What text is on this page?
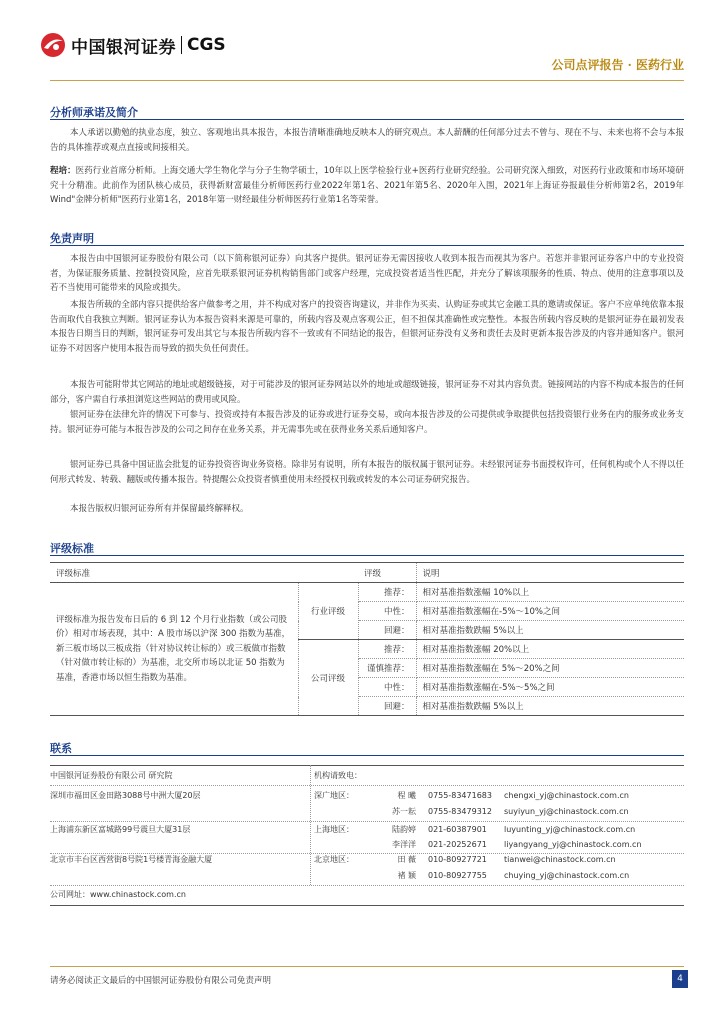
中国银河证券 CGS
公司点评报告 · 医药行业
分析师承诺及简介
本人承诺以勤勉的执业态度，独立、客观地出具本报告，本报告清晰准确地反映本人的研究观点。本人薪酬的任何部分过去不曾与、现在不与、未来也将不会与本报告的具体推荐或观点直接或间接相关。
程培：医药行业首席分析师。上海交通大学生物化学与分子生物学硕士，10年以上医学检验行业+医药行业研究经验。公司研究深入细致，对医药行业政策和市场环境研究十分精准。此前作为团队核心成员，获得新财富最佳分析师医药行业2022年第1名、2021年第5名、2020年入围，2021年上海证券报最佳分析师第2名，2019年Wind"金牌分析师"医药行业第1名，2018年第一财经最佳分析师医药行业第1名等荣誉。
免责声明
本报告由中国银河证券股份有限公司（以下简称银河证券）向其客户提供。银河证券无需因接收人收到本报告而视其为客户。若您并非银河证券客户中的专业投资者，为保证服务质量、控制投资风险，应首先联系银河证券机构销售部门或客户经理，完成投资者适当性匹配，并充分了解该项服务的性质、特点、使用的注意事项以及若不当使用可能带来的风险或损失。
本报告所载的全部内容只提供给客户做参考之用，并不构成对客户的投资咨询建议，并非作为买卖、认购证券或其它金融工具的邀请或保证。客户不应单纯依靠本报告而取代自我独立判断。银河证券认为本报告资料来源是可靠的，所载内容及观点客观公正，但不担保其准确性或完整性。本报告所载内容反映的是银河证券在最初发表本报告日期当日的判断，银河证券可发出其它与本报告所载内容不一致或有不同结论的报告，但银河证券没有义务和责任去及时更新本报告涉及的内容并通知客户。银河证券不对因客户使用本报告而导致的损失负任何责任。
本报告可能附带其它网站的地址或超级链接，对于可能涉及的银河证券网站以外的地址或超级链接，银河证券不对其内容负责。链接网站的内容不构成本报告的任何部分，客户需自行承担浏览这些网站的费用或风险。
银河证券在法律允许的情况下可参与、投资或持有本报告涉及的证券或进行证券交易，或向本报告涉及的公司提供或争取提供包括投资银行业务在内的服务或业务支持。银河证券可能与本报告涉及的公司之间存在业务关系，并无需事先或在获得业务关系后通知客户。
银河证券已具备中国证监会批复的证券投资咨询业务资格。除非另有说明，所有本报告的版权属于银河证券。未经银河证券书面授权许可，任何机构或个人不得以任何形式转发、转载、翻版或传播本报告。特提醒公众投资者慎重使用未经授权刊载或转发的本公司证券研究报告。
本报告版权归银河证券所有并保留最终解释权。
评级标准
评级标准		评级	说明
评级标准为报告发布日后的 6 到 12 个月行业指数（或公司股价）相对市场表现，其中：A 股市场以沪深 300 指数为基准，新三板市场以三板成指（针对协议转让标的）或三板做市指数（针对做市转让标的）为基准，北交所市场以北证 50 指数为基准，香港市场以恒生指数为基准。	行业评级	推荐：	相对基准指数涨幅 10%以上
		中性：	相对基准指数涨幅在-5%～10%之间
		回避：	相对基准指数跌幅 5%以上
	公司评级	推荐：	相对基准指数涨幅 20%以上
		谨慎推荐：	相对基准指数涨幅在 5%～20%之间
		中性：	相对基准指数涨幅在-5%～5%之间
		回避：	相对基准指数跌幅 5%以上
联系
中国银河证券股份有限公司 研究院	机构请致电：
深圳市福田区金田路3088号中洲大厦20层	深广地区：	程 曦 0755-83471683 chengxi_yj@chinastock.com.cn
苏一耘 0755-83479312 suyiyun_yj@chinastock.com.cn
上海浦东新区富城路99号震旦大厦31层	上海地区：	陆韵婷 021-60387901 luyunting_yj@chinastock.com.cn
李洋洋 021-20252671 liyangyang_yj@chinastock.com.cn
北京市丰台区西营街8号院1号楼青海金融大厦	北京地区：	田 薇 010-80927721 tianwei@chinastock.com.cn
褚 颖 010-80927755 chuying_yj@chinastock.com.cn
公司网址：www.chinastock.com.cn
请务必阅读正文最后的中国银河证券股份有限公司免责声明	4
